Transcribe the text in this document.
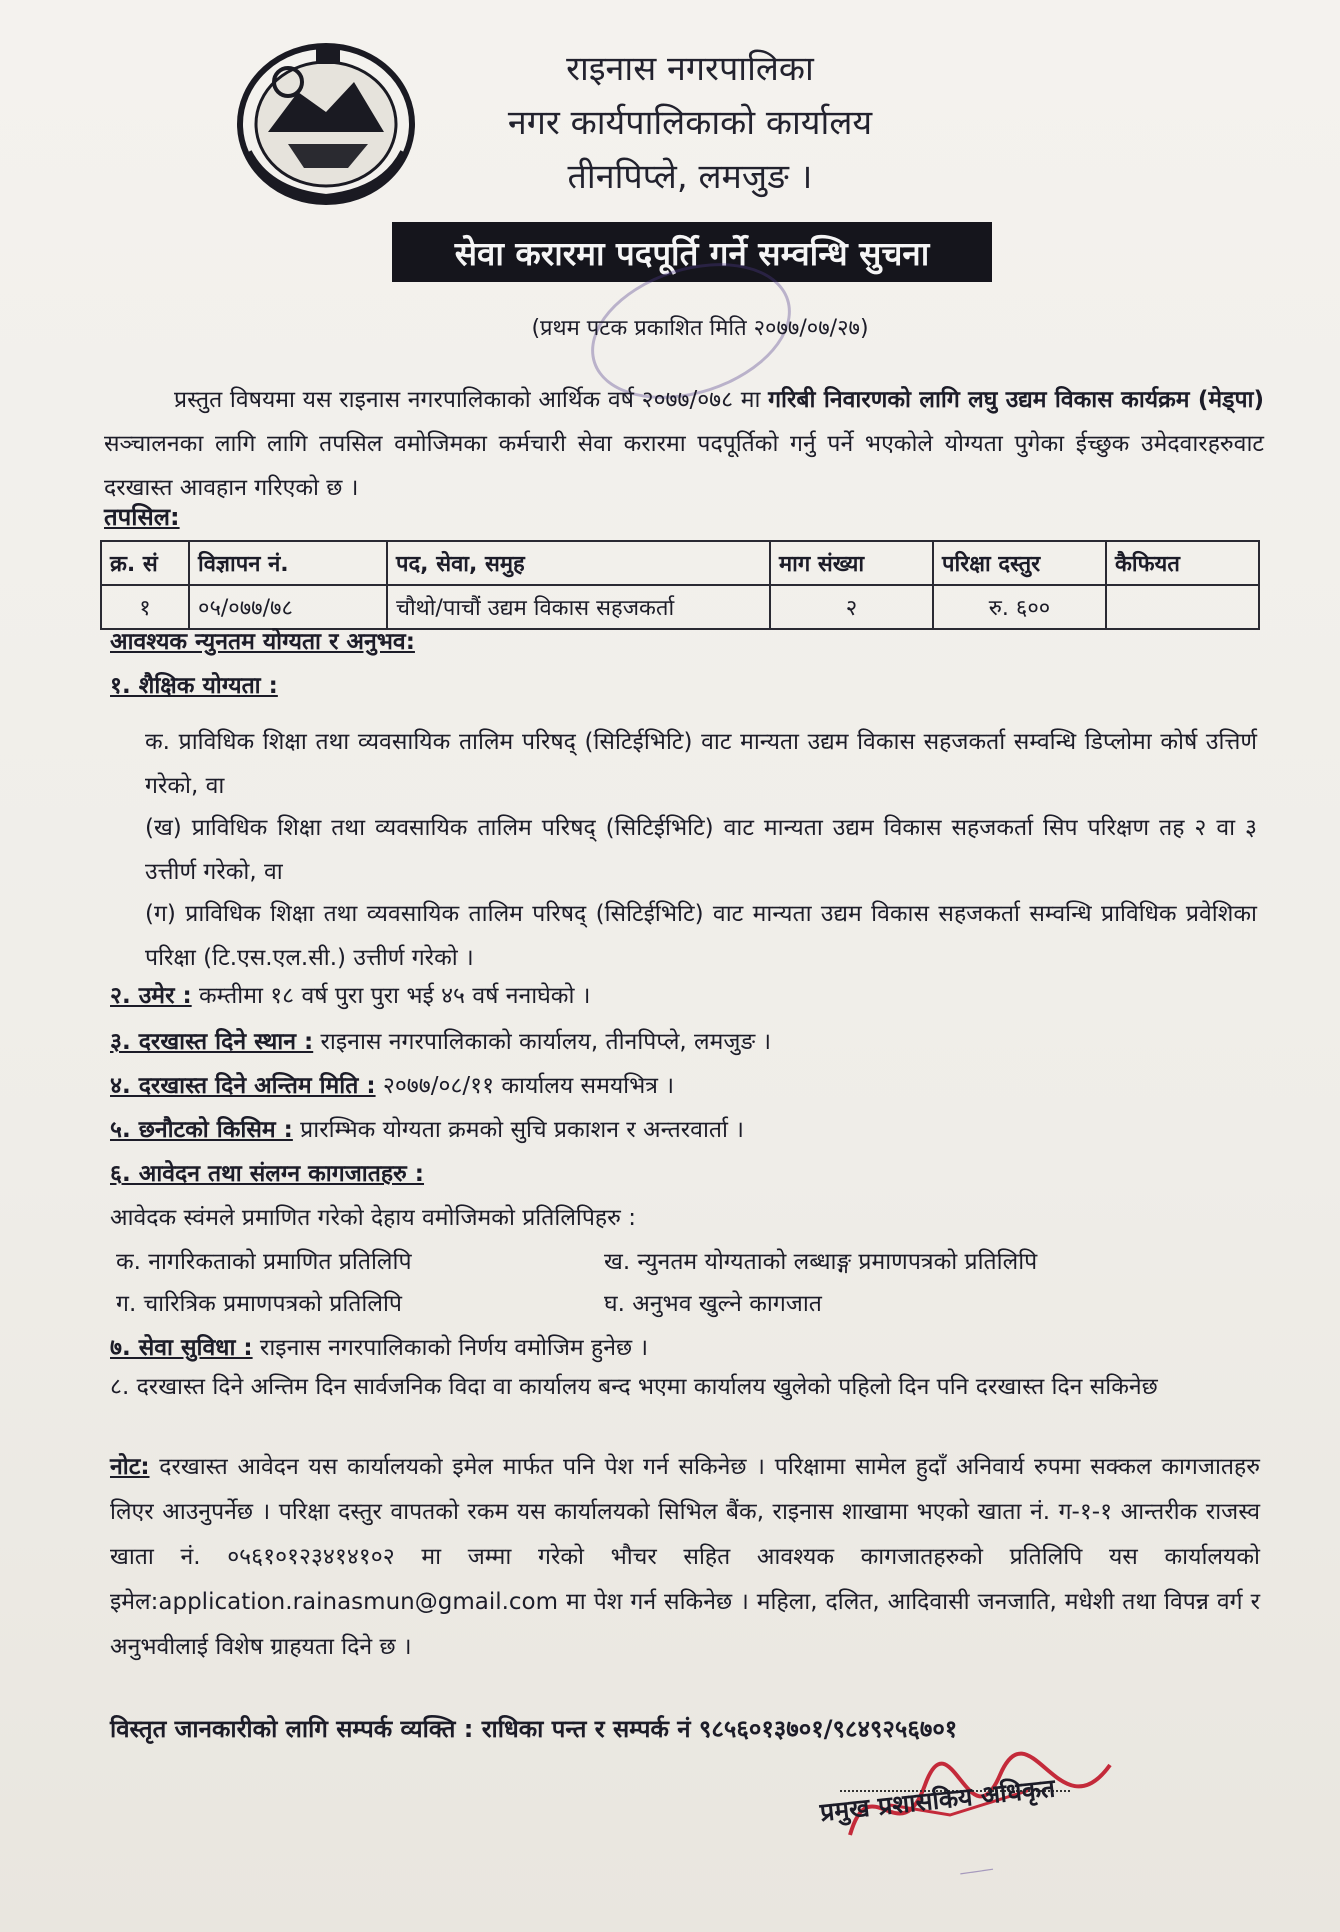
राइनास नगरपालिका
नगर कार्यपालिकाको कार्यालय
तीनपिप्ले, लमजुङ ।
सेवा करारमा पदपूर्ति गर्ने सम्वन्धि सुचना
(प्रथम पटक प्रकाशित मिति २०७७/०७/२७)
प्रस्तुत विषयमा यस राइनास नगरपालिकाको आर्थिक वर्ष २०७७/०७८ मा गरिबी निवारणको लागि लघु उद्यम विकास कार्यक्रम (मेड्पा) सञ्चालनका लागि लागि तपसिल वमोजिमका कर्मचारी सेवा करारमा पदपूर्तिको गर्नु पर्ने भएकोले योग्यता पुगेका ईच्छुक उमेदवारहरुवाट दरखास्त आवहान गरिएको छ ।
तपसिल:
क्र. सं	विज्ञापन नं.	पद, सेवा, समुह	माग संख्या	परिक्षा दस्तुर	कैफियत
१	०५/०७७/७८	चौथो/पाचौं उद्यम विकास सहजकर्ता	२	रु. ६००	
आवश्यक न्युनतम योग्यता र अनुभव:
१. शैक्षिक योग्यता :
क. प्राविधिक शिक्षा तथा व्यवसायिक तालिम परिषद् (सिटिईभिटि) वाट मान्यता उद्यम विकास सहजकर्ता सम्वन्धि डिप्लोमा कोर्ष उत्तिर्ण गरेको, वा
(ख) प्राविधिक शिक्षा तथा व्यवसायिक तालिम परिषद् (सिटिईभिटि) वाट मान्यता उद्यम विकास सहजकर्ता सिप परिक्षण तह २ वा ३ उत्तीर्ण गरेको, वा
(ग) प्राविधिक शिक्षा तथा व्यवसायिक तालिम परिषद् (सिटिईभिटि) वाट मान्यता उद्यम विकास सहजकर्ता सम्वन्धि प्राविधिक प्रवेशिका परिक्षा (टि.एस.एल.सी.) उत्तीर्ण गरेको ।
२. उमेर : कम्तीमा १८ वर्ष पुरा पुरा भई ४५ वर्ष ननाघेको ।
३. दरखास्त दिने स्थान : राइनास नगरपालिकाको कार्यालय, तीनपिप्ले, लमजुङ ।
४. दरखास्त दिने अन्तिम मिति : २०७७/०८/११ कार्यालय समयभित्र ।
५. छनौटको किसिम : प्रारम्भिक योग्यता क्रमको सुचि प्रकाशन र अन्तरवार्ता ।
६. आवेदन तथा संलग्न कागजातहरु :
आवेदक स्वंमले प्रमाणित गरेको देहाय वमोजिमको प्रतिलिपिहरु :
क. नागरिकताको प्रमाणित प्रतिलिपि	ख. न्युनतम योग्यताको लब्धाङ्ग प्रमाणपत्रको प्रतिलिपि
ग. चारित्रिक प्रमाणपत्रको प्रतिलिपि	घ. अनुभव खुल्ने कागजात
७. सेवा सुविधा : राइनास नगरपालिकाको निर्णय वमोजिम हुनेछ ।
८. दरखास्त दिने अन्तिम दिन सार्वजनिक विदा वा कार्यालय बन्द भएमा कार्यालय खुलेको पहिलो दिन पनि दरखास्त दिन सकिनेछ
नोट: दरखास्त आवेदन यस कार्यालयको इमेल मार्फत पनि पेश गर्न सकिनेछ । परिक्षामा सामेल हुदाँ अनिवार्य रुपमा सक्कल कागजातहरु लिएर आउनुपर्नेछ । परिक्षा दस्तुर वापतको रकम यस कार्यालयको सिभिल बैंक, राइनास शाखामा भएको खाता नं. ग-१-१ आन्तरीक राजस्व खाता नं. ०५६१०१२३४१४१०२ मा जम्मा गरेको भौचर सहित आवश्यक कागजातहरुको प्रतिलिपि यस कार्यालयको इमेल:application.rainasmun@gmail.com मा पेश गर्न सकिनेछ । महिला, दलित, आदिवासी जनजाति, मधेशी तथा विपन्न वर्ग र अनुभवीलाई विशेष ग्राहयता दिने छ ।
विस्तृत जानकारीको लागि सम्पर्क व्यक्ति : राधिका पन्त र सम्पर्क नं ९८५६०१३७०१/९८४९२५६७०१
प्रमुख प्रशासकिय अधिकृत
⎯⎯⎯
